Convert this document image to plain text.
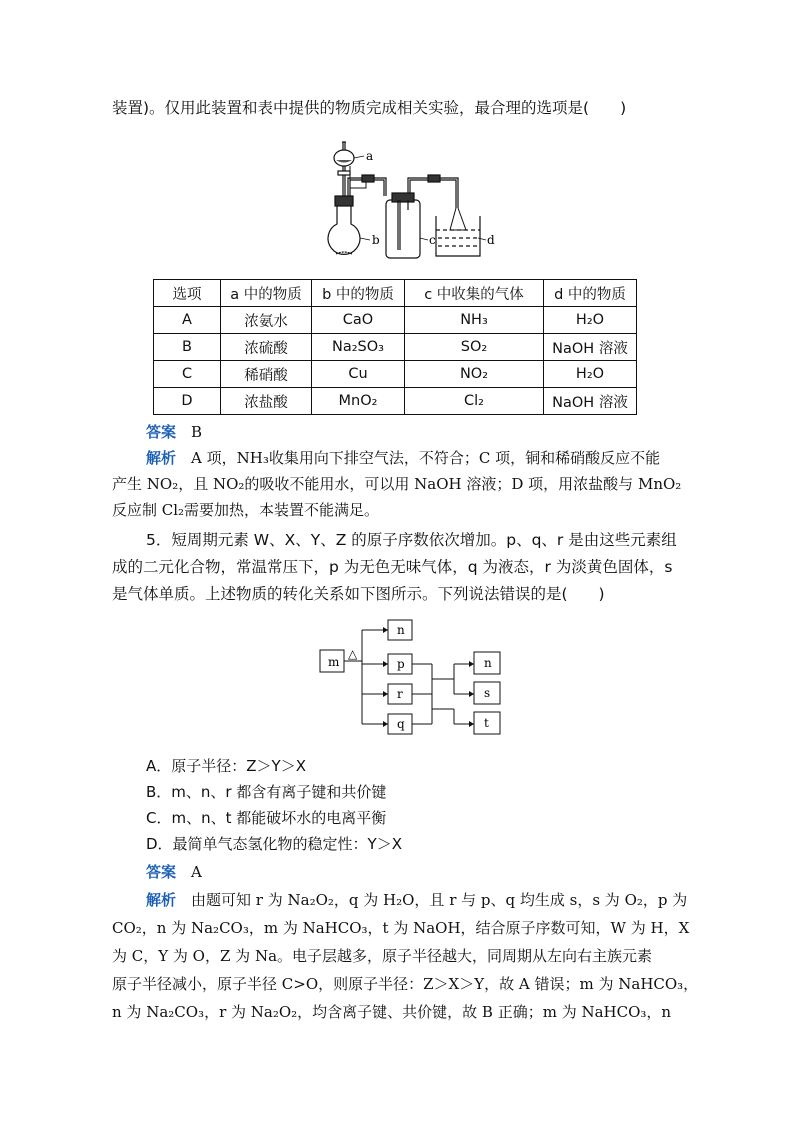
装置)。仅用此装置和表中提供的物质完成相关实验，最合理的选项是(　　)
a
b	c	d
选项	a 中的物质	b 中的物质	c 中收集的气体	d 中的物质
A	浓氨水	CaO	NH₃	H₂O
B	浓硫酸	Na₂SO₃	SO₂	NaOH 溶液
C	稀硝酸	Cu	NO₂	H₂O
D	浓盐酸	MnO₂	Cl₂	NaOH 溶液
答案　 B
解析　 A 项，NH₃收集用向下排空气法，不符合；C 项，铜和稀硝酸反应不能
产生 NO₂，且 NO₂的吸收不能用水，可以用 NaOH 溶液；D 项，用浓盐酸与 MnO₂
反应制 Cl₂需要加热，本装置不能满足。
5．短周期元素 W、X、Y、Z 的原子序数依次增加。p、q、r 是由这些元素组
成的二元化合物，常温常压下，p 为无色无味气体，q 为液态，r 为淡黄色固体，s
是气体单质。上述物质的转化关系如下图所示。下列说法错误的是(　　)
m
△
n
p
r
q
n
s
t
A．原子半径：Z＞Y＞X
B．m、n、r 都含有离子键和共价键
C．m、n、t 都能破坏水的电离平衡
D．最简单气态氢化物的稳定性：Y＞X
答案　 A
解析　 由题可知 r 为 Na₂O₂，q 为 H₂O，且 r 与 p、q 均生成 s，s 为 O₂，p 为
CO₂，n 为 Na₂CO₃，m 为 NaHCO₃，t 为 NaOH，结合原子序数可知，W 为 H，X
为 C，Y 为 O，Z 为 Na。电子层越多，原子半径越大，同周期从左向右主族元素
原子半径减小，原子半径 C>O，则原子半径：Z＞X＞Y，故 A 错误；m 为 NaHCO₃，
n 为 Na₂CO₃，r 为 Na₂O₂，均含离子键、共价键，故 B 正确；m 为 NaHCO₃，n
